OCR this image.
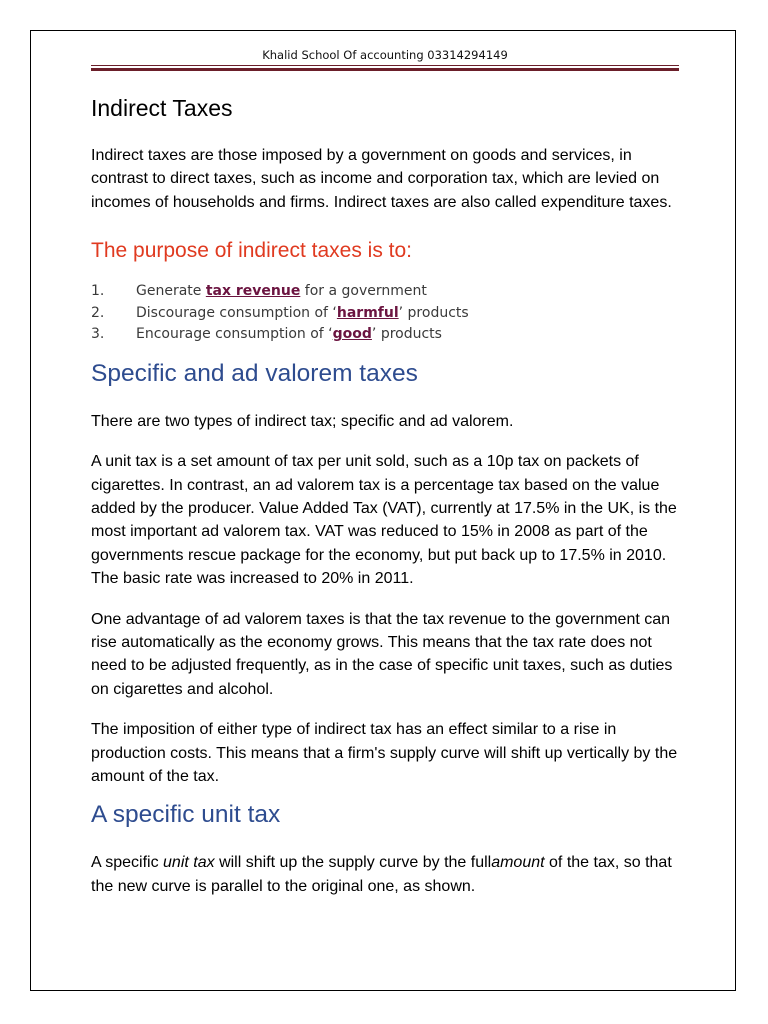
Khalid School Of accounting 03314294149
Indirect Taxes

Indirect taxes are those imposed by a government on goods and services, in contrast to direct taxes, such as income and corporation tax, which are levied on incomes of households and firms. Indirect taxes are also called expenditure taxes.

The purpose of indirect taxes is to:
1. Generate tax revenue for a government
2. Discourage consumption of ‘harmful’ products
3. Encourage consumption of ‘good’ products
Specific and ad valorem taxes

There are two types of indirect tax; specific and ad valorem.

A unit tax is a set amount of tax per unit sold, such as a 10p tax on packets of cigarettes. In contrast, an ad valorem tax is a percentage tax based on the value added by the producer. Value Added Tax (VAT), currently at 17.5% in the UK, is the most important ad valorem tax. VAT was reduced to 15% in 2008 as part of the governments rescue package for the economy, but put back up to 17.5% in 2010. The basic rate was increased to 20% in 2011.

One advantage of ad valorem taxes is that the tax revenue to the government can rise automatically as the economy grows. This means that the tax rate does not need to be adjusted frequently, as in the case of specific unit taxes, such as duties on cigarettes and alcohol.

The imposition of either type of indirect tax has an effect similar to a rise in production costs. This means that a firm's supply curve will shift up vertically by the amount of the tax.

A specific unit tax

A specific unit tax will shift up the supply curve by the fullamount of the tax, so that the new curve is parallel to the original one, as shown.
